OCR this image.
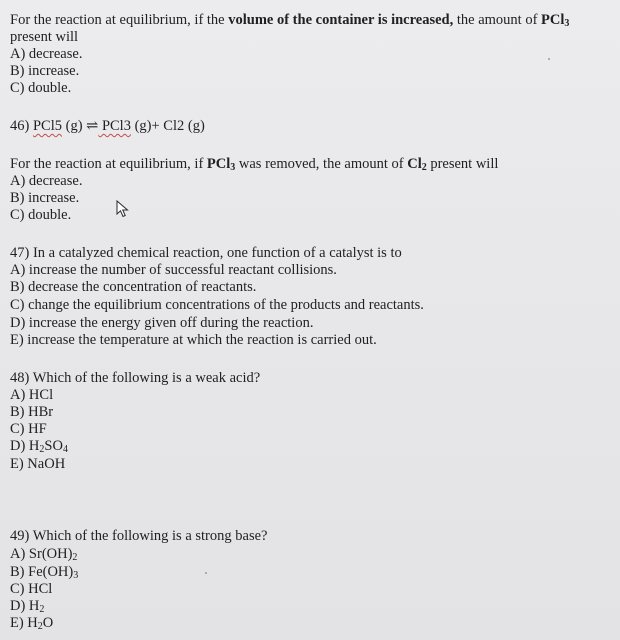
For the reaction at equilibrium, if the volume of the container is increased, the amount of PCl$_3$
present will
A) decrease.
B) increase.
C) double.
46) PCl5 (g) ⇌ PCl3 (g)+ Cl2 (g)
For the reaction at equilibrium, if PCl$_3$ was removed, the amount of $Cl_2$ present will
A) decrease.
B) increase.
C) double.
47) In a catalyzed chemical reaction, one function of a catalyst is to
A) increase the number of successful reactant collisions.
B) decrease the concentration of reactants.
C) change the equilibrium concentrations of the products and reactants.
D) increase the energy given off during the reaction.
E) increase the temperature at which the reaction is carried out.
48) Which of the following is a weak acid?
A) HCl
B) HBr
C) HF
D) $H_2SO_4$
E) NaOH
49) Which of the following is a strong base?
A) $Sr(OH)_2$
B) $Fe(OH)_3$
C) HCl
D) $H_2$
E) $H_2O$
